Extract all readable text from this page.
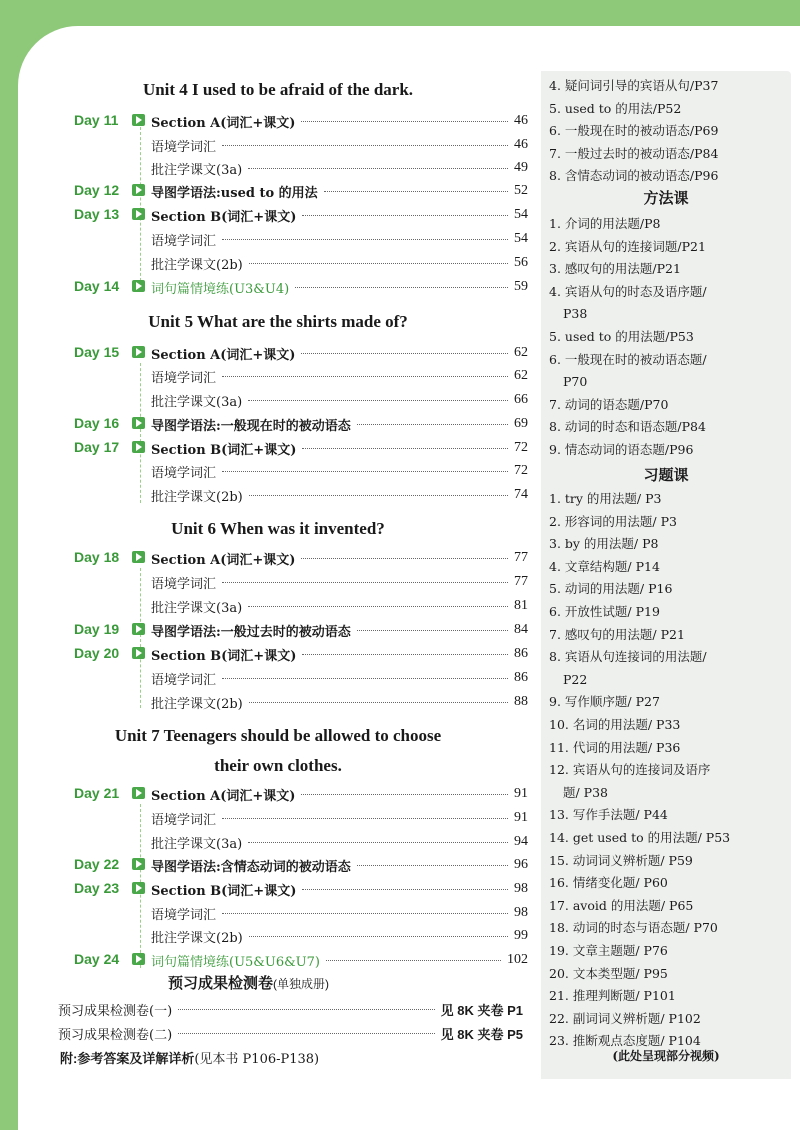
Unit 4 I used to be afraid of the dark.
Day 11	Section A(词汇+课文)	46
语境学词汇	46
批注学课文(3a)	49
Day 12 导图学语法:used to 的用法	52
Day 13 Section B(词汇+课文)	54
语境学词汇	54
批注学课文(2b)	56
Day 14 词句篇情境练(U3&U4)	59
Unit 5 What are the shirts made of?
Day 15 Section A(词汇+课文)	62
语境学词汇	62
批注学课文(3a)	66
Day 16 导图学语法:一般现在时的被动语态	69
Day 17 Section B(词汇+课文)	72
语境学词汇	72
批注学课文(2b)	74
Unit 6 When was it invented?
Day 18 Section A(词汇+课文)	77
语境学词汇	77
批注学课文(3a)	81
Day 19 导图学语法:一般过去时的被动语态	84
Day 20 Section B(词汇+课文)	86
语境学词汇	86
批注学课文(2b)	88
Unit 7 Teenagers should be allowed to choose
their own clothes.
Day 21 Section A(词汇+课文)	91
语境学词汇	91
批注学课文(3a)	94
Day 22 导图学语法:含情态动词的被动语态	96
Day 23 Section B(词汇+课文)	98
语境学词汇	98
批注学课文(2b)	99
Day 24 词句篇情境练(U5&U6&U7)	102
预习成果检测卷(单独成册)
预习成果检测卷(一)	见 8K 夹卷 P1
预习成果检测卷(二)	见 8K 夹卷 P5
附:参考答案及详解详析(见本书 P106-P138)
4. 疑问词引导的宾语从句/P37
5. used to 的用法/P52
6. 一般现在时的被动语态/P69
7. 一般过去时的被动语态/P84
8. 含情态动词的被动语态/P96
方法课
1. 介词的用法题/P8
2. 宾语从句的连接词题/P21
3. 感叹句的用法题/P21
4. 宾语从句的时态及语序题/
P38
5. used to 的用法题/P53
6. 一般现在时的被动语态题/
P70
7. 动词的语态题/P70
8. 动词的时态和语态题/P84
9. 情态动词的语态题/P96
习题课
1. try 的用法题/ P3
2. 形容词的用法题/ P3
3. by 的用法题/ P8
4. 文章结构题/ P14
5. 动词的用法题/ P16
6. 开放性试题/ P19
7. 感叹句的用法题/ P21
8. 宾语从句连接词的用法题/
P22
9. 写作顺序题/ P27
10. 名词的用法题/ P33
11. 代词的用法题/ P36
12. 宾语从句的连接词及语序
题/ P38
13. 写作手法题/ P44
14. get used to 的用法题/ P53
15. 动词词义辨析题/ P59
16. 情绪变化题/ P60
17. avoid 的用法题/ P65
18. 动词的时态与语态题/ P70
19. 文章主题题/ P76
20. 文本类型题/ P95
21. 推理判断题/ P101
22. 副词词义辨析题/ P102
23. 推断观点态度题/ P104
(此处呈现部分视频)
